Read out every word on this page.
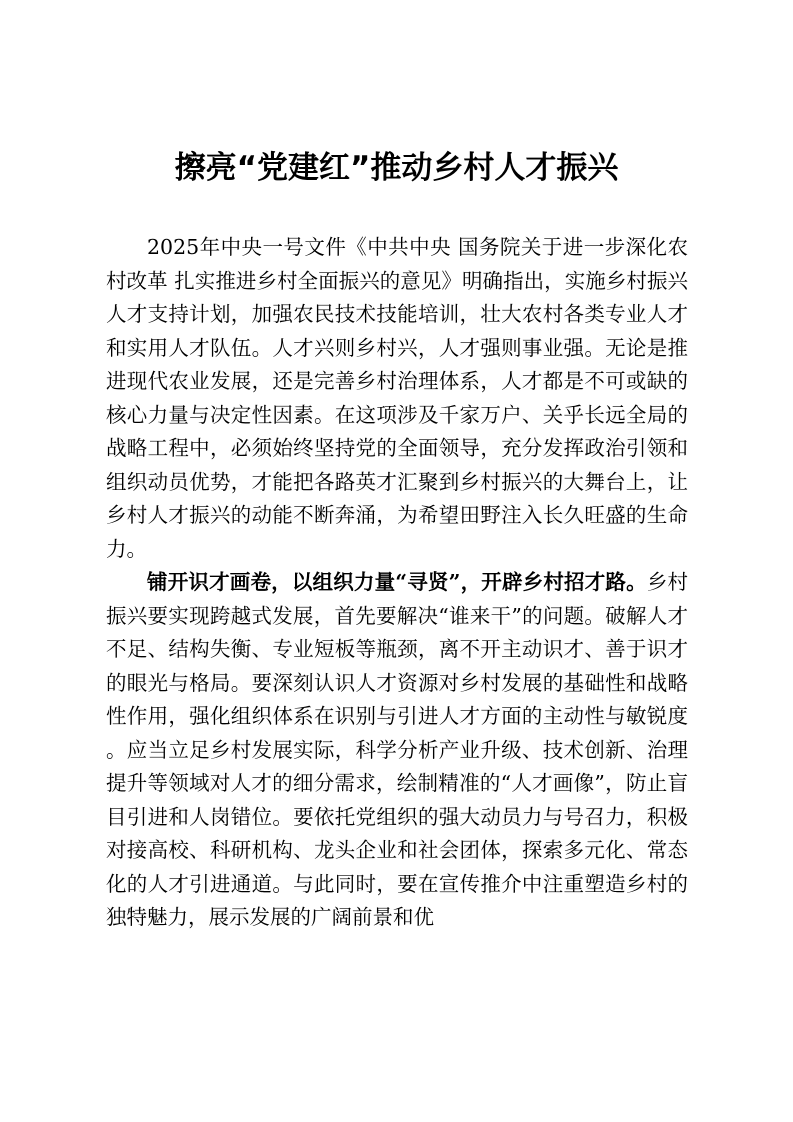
擦亮“党建红”推动乡村人才振兴

2025年中央一号文件《中共中央 国务院关于进一步深化农村改革 扎实推进乡村全面振兴的意见》明确指出，实施乡村振兴人才支持计划，加强农民技术技能培训，壮大农村各类专业人才和实用人才队伍。人才兴则乡村兴，人才强则事业强。无论是推进现代农业发展，还是完善乡村治理体系，人才都是不可或缺的核心力量与决定性因素。在这项涉及千家万户、关乎长远全局的战略工程中，必须始终坚持党的全面领导，充分发挥政治引领和组织动员优势，才能把各路英才汇聚到乡村振兴的大舞台上，让乡村人才振兴的动能不断奔涌，为希望田野注入长久旺盛的生命力。

铺开识才画卷，以组织力量“寻贤”，开辟乡村招才路。乡村振兴要实现跨越式发展，首先要解决“谁来干”的问题。破解人才不足、结构失衡、专业短板等瓶颈，离不开主动识才、善于识才的眼光与格局。要深刻认识人才资源对乡村发展的基础性和战略性作用，强化组织体系在识别与引进人才方面的主动性与敏锐度。应当立足乡村发展实际，科学分析产业升级、技术创新、治理提升等领域对人才的细分需求，绘制精准的“人才画像”，防止盲目引进和人岗错位。要依托党组织的强大动员力与号召力，积极对接高校、科研机构、龙头企业和社会团体，探索多元化、常态化的人才引进通道。与此同时，要在宣传推介中注重塑造乡村的独特魅力，展示发展的广阔前景和优
